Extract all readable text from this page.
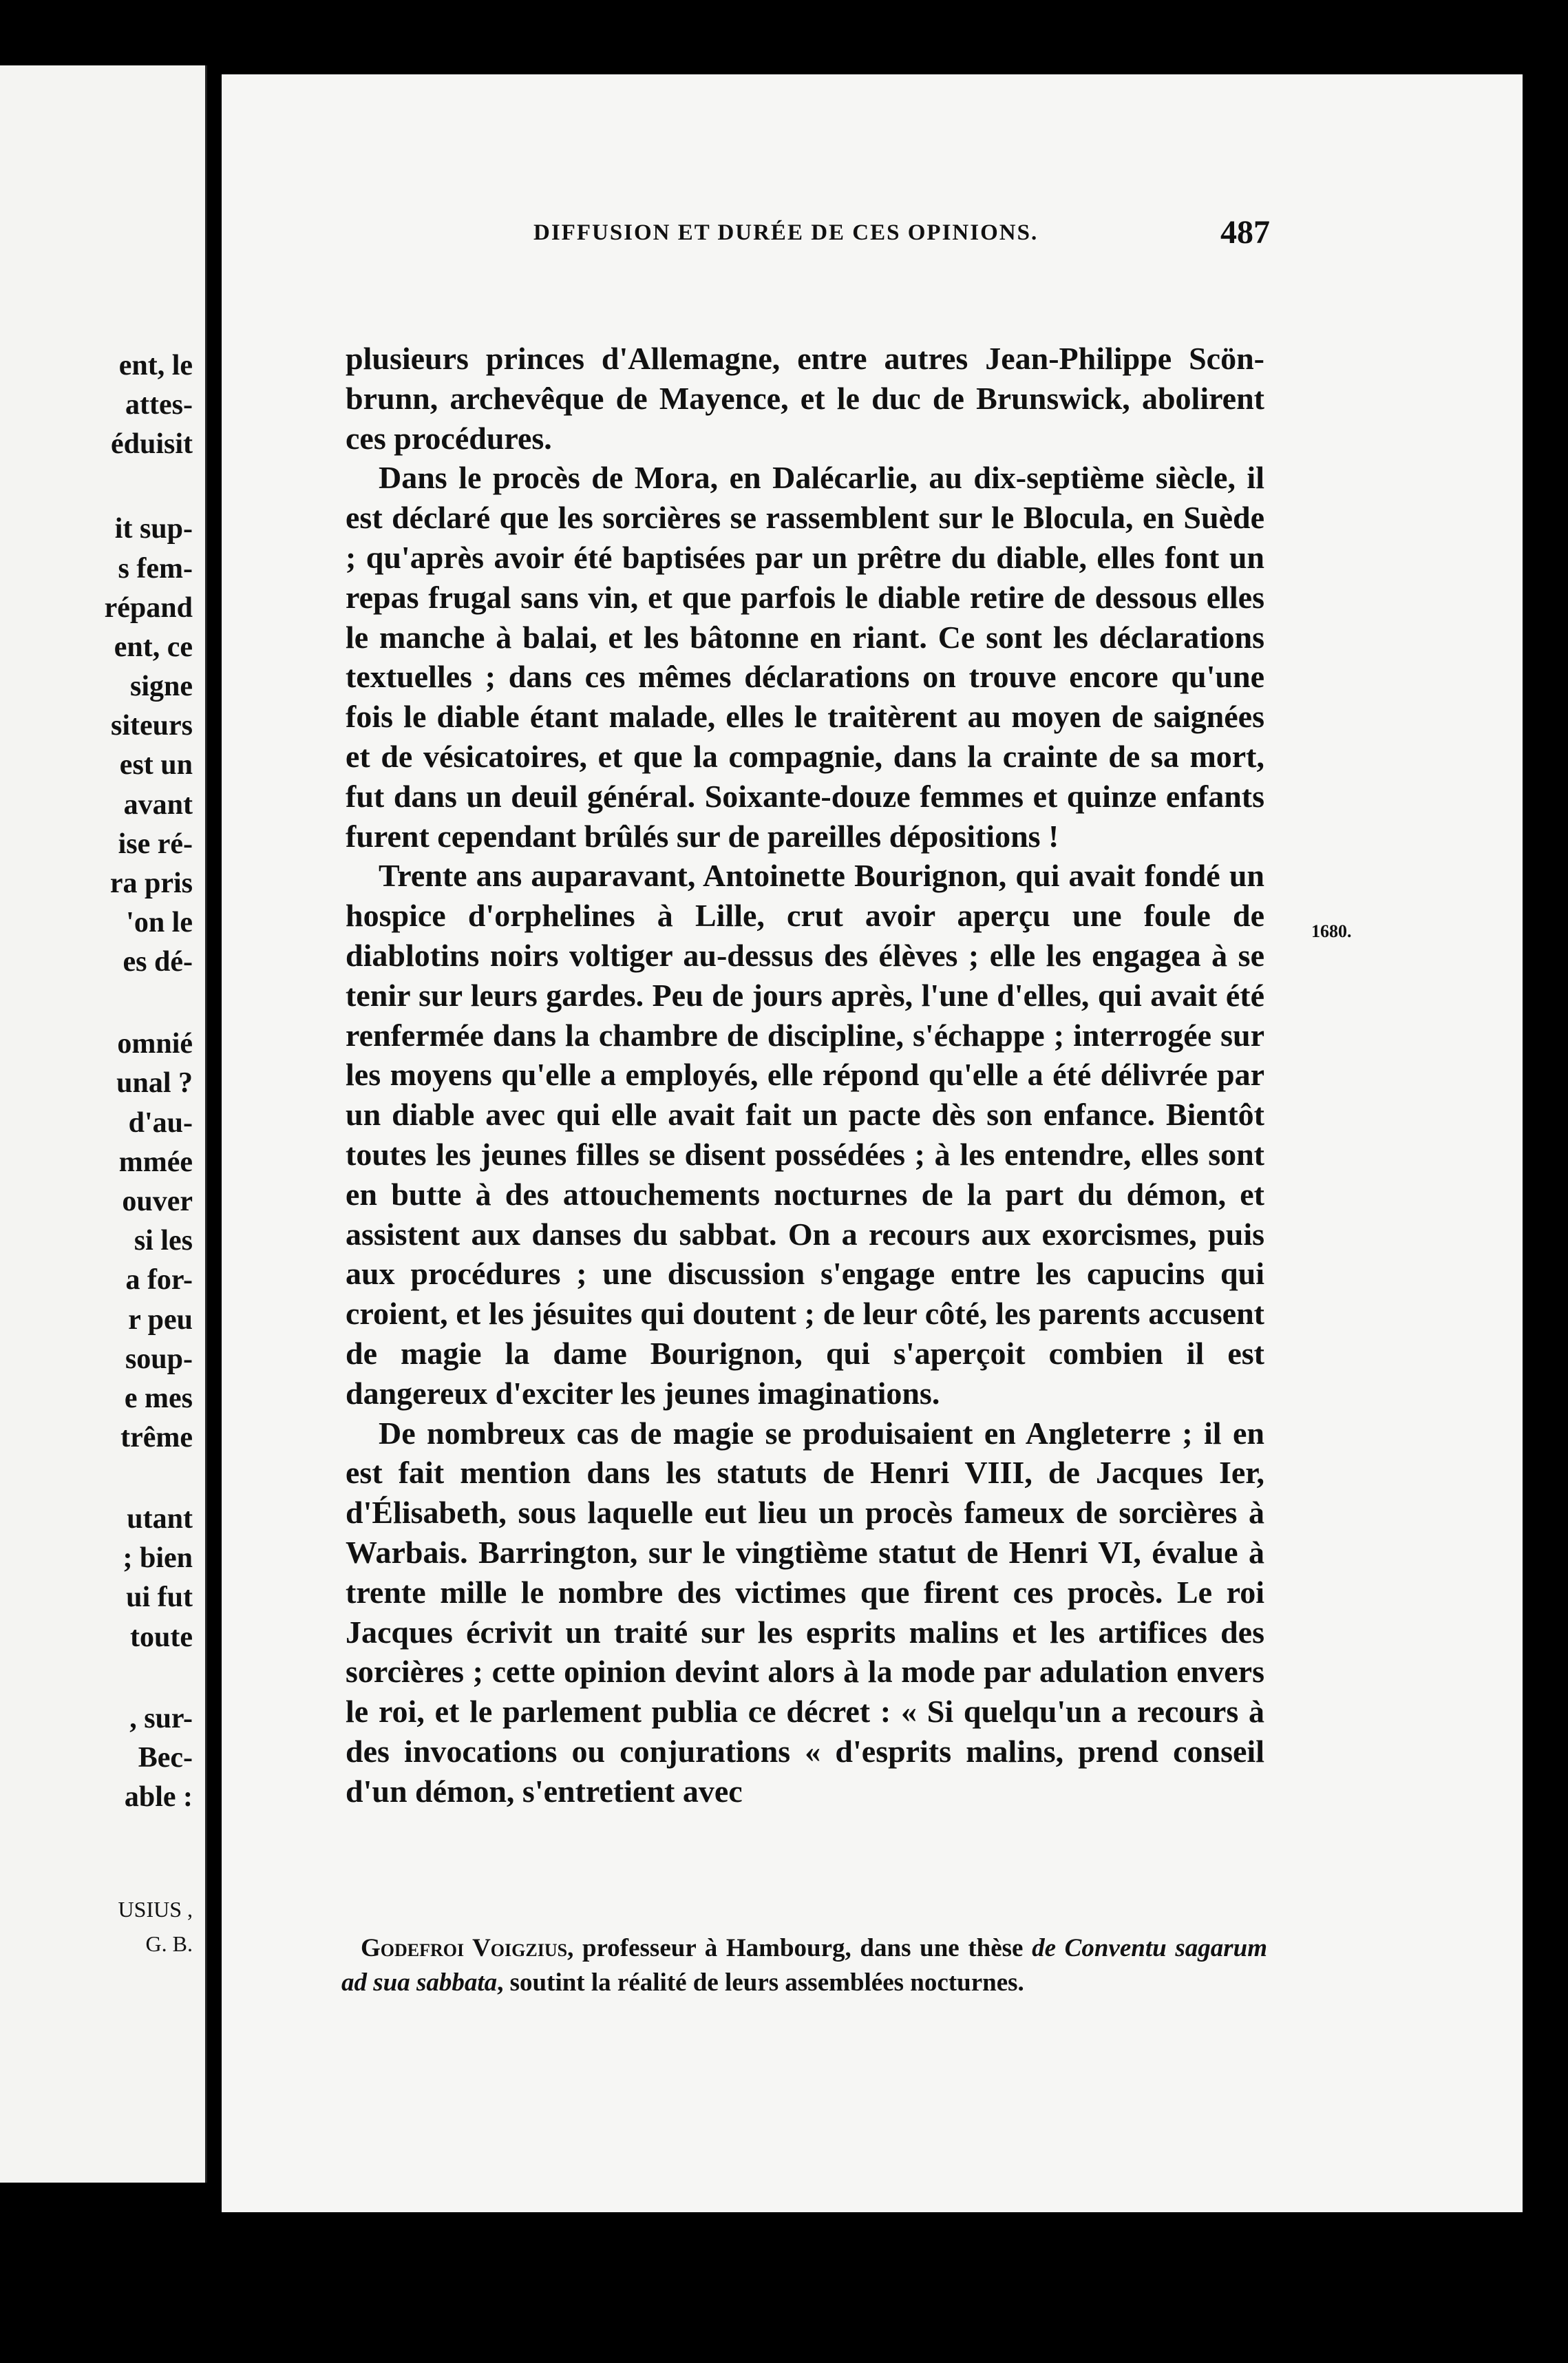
ent, le
attes-
éduisit
it sup-
s fem-
répand
ent, ce
signe
siteurs
est un
avant
ise ré-
ra pris
'on le
es dé-
omnié
unal ?
d'au-
mmée
ouver
si les
a for-
r peu
soup-
e mes
trême
utant
; bien
ui fut
toute
, sur-
Bec-
able :
USIUS ,
G. B.
DIFFUSION ET DURÉE DE CES OPINIONS.	487

plusieurs princes d'Allemagne, entre autres Jean-Philippe Scön-brunn, archevêque de Mayence, et le duc de Brunswick, abolirent ces procédures.

Dans le procès de Mora, en Dalécarlie, au dix-septième siècle, il est déclaré que les sorcières se rassemblent sur le Blocula, en Suède ; qu'après avoir été baptisées par un prêtre du diable, elles font un repas frugal sans vin, et que parfois le diable retire de dessous elles le manche à balai, et les bâtonne en riant. Ce sont les déclarations textuelles ; dans ces mêmes déclarations on trouve encore qu'une fois le diable étant malade, elles le traitèrent au moyen de saignées et de vésicatoires, et que la compagnie, dans la crainte de sa mort, fut dans un deuil général. Soixante-douze femmes et quinze enfants furent cependant brûlés sur de pareilles dépositions !

Trente ans auparavant, Antoinette Bourignon, qui avait fondé un hospice d'orphelines à Lille, crut avoir aperçu une foule de diablotins noirs voltiger au-dessus des élèves ; elle les engagea à se tenir sur leurs gardes. Peu de jours après, l'une d'elles, qui avait été renfermée dans la chambre de discipline, s'échappe ; interrogée sur les moyens qu'elle a employés, elle répond qu'elle a été délivrée par un diable avec qui elle avait fait un pacte dès son enfance. Bientôt toutes les jeunes filles se disent possédées ; à les entendre, elles sont en butte à des attouchements nocturnes de la part du démon, et assistent aux danses du sabbat. On a recours aux exorcismes, puis aux procédures ; une discussion s'engage entre les capucins qui croient, et les jésuites qui doutent ; de leur côté, les parents accusent de magie la dame Bourignon, qui s'aperçoit combien il est dangereux d'exciter les jeunes imaginations.

De nombreux cas de magie se produisaient en Angleterre ; il en est fait mention dans les statuts de Henri VIII, de Jacques Ier, d'Élisabeth, sous laquelle eut lieu un procès fameux de sorcières à Warbais. Barrington, sur le vingtième statut de Henri VI, évalue à trente mille le nombre des victimes que firent ces procès. Le roi Jacques écrivit un traité sur les esprits malins et les artifices des sorcières ; cette opinion devint alors à la mode par adulation envers le roi, et le parlement publia ce décret : « Si quelqu'un a recours à des invocations ou conjurations « d'esprits malins, prend conseil d'un démon, s'entretient avec

1680.

Godefroi Voigzius, professeur à Hambourg, dans une thèse de Conventu sagarum ad sua sabbata, soutint la réalité de leurs assemblées nocturnes.
